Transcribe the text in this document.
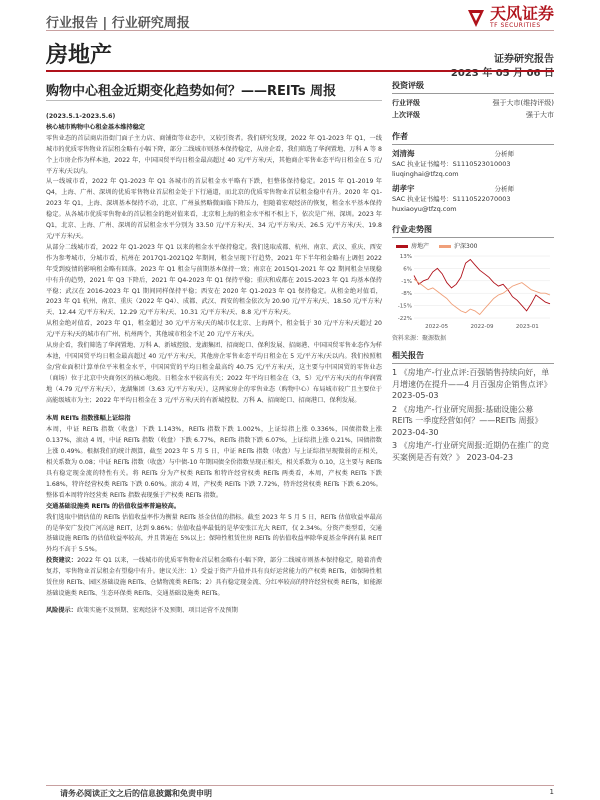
行业报告 | 行业研究周报
天风证券
TF SECURITIES
房地产	证券研究报告
2023 年 05 月 06 日
购物中心租金近期变化趋势如何？——REITs 周报

(2023.5.1-2023.5.6)

核心城市购物中心租金基本维持稳定

零售业态的首层商店沿街门面子主力店、商铺街等业态中，又较引资者。我们研究发现，2022 年 Q1-2023 年 Q1，一线城市的优质零售物业首层租金略有小幅下降，部分二线城市则基本保持稳定，从房企看，我们筛选了华润置地、万科 A 等 8 个上市房企作为样本池，2022 年，中国国贸平均日租金最高超过 40 元/平方米/天，其他商企零售业态平均日租金在 5 元/平方米/天以内。

从一线城市看，2022 年 Q1-2023 年 Q1 各城市的首层租金水平略有下跌，但整体保持稳定。2015 年 Q1-2019 年 Q4，上海、广州、深圳的优质零售物业首层租金处于下行通道，而北京的优质零售物业首层租金稳中有升。2020 年 Q1-2023 年 Q1，上海、深圳基本保持不动，北京、广州虽然略微面临下降压力，但随着宏观经济的恢复，租金水平基本保持稳定。从各城市优质零售物业的首层租金的绝对值来看，北京和上海的租金水平相不相上下，依次是广州、深圳。2023 年 Q1，北京、上海、广州、深圳的首层租金水平分别为 33.50 元/平方米/天、34 元/平方米/天、26.5 元/平方米/天、19.8 元/平方米/天。

从部分二线城市看，2022 年 Q1-2023 年 Q1 以来的租金水平保持稳定。我们选取成都、杭州、南京、武汉、重庆、西安作为参考城市，分城市看，杭州在 2017Q1-2021Q2 年期间，租金呈现下行趋势，2021 年下半年租金略有上调但 2022 年受到疫情的影响租金略有回落。2023 年 Q1 租金与前期基本保持一致；南京在 2015Q1-2021 年 Q2 期间租金呈现稳中有升的趋势，2021 年 Q3 下降后，2021 年 Q4-2023 年 Q1 保持平稳；重庆和成都在 2015-2023 年 Q1 均基本保持平稳；武汉在 2016-2023 年 Q1 期间同样保持平稳；西安在 2020 年 Q1-2023 年 Q1 保持稳定。从租金绝对值看，2023 年 Q1 杭州、南京、重庆（2022 年 Q4）、成都、武汉、西安的租金依次为 20.90 元/平方米/天、18.50 元/平方米/天、12.44 元/平方米/天、12.29 元/平方米/天、10.31 元/平方米/天、8.8 元/平方米/天。

从租金绝对值看，2023 年 Q1，租金超过 30 元/平方米/天的城市仅北京、上海两个，租金低于 30 元/平方米/天超过 20 元/平方米/天的城市有广州、杭州两个，其他城市租金不足 20 元/平方米/天。

从房企看，我们筛选了华润置地、万科 A、新城控股、龙湖集团、招商蛇口、保利发展、招商港、中国国贸零售业态作为样本池，中国国贸平均日租金最高超过 40 元/平方米/天，其他房企零售业态平均日租金在 5 元/平方米/天以内。我们按照租金/营业面积计算单位平米租金水平，中国国贸的平均日租金最高约 40.75 元/平方米/天，这主要与中国国贸的零售业态（商场）位于北京中央商务区的核心地段。日租金水平较高有关；2022 年平均日租金在（3，5）元/平方米/天的有华润置地（4.79 元/平方米/天），龙湖集团（3.63 元/平方米/天），这两家房企的零售业态（购物中心）布局城市较广且主要位于高能级城市为主；2022 年平均日租金在 3 元/平方米/天的有新城控股、万科 A、招商蛇口、招商港口、保利发展。

本周 REITs 指数涨幅上证综指

本周，中证 REITs 指数（收盘）下跌 1.143%，REITs 指数下跌 1.002%，上证综指上涨 0.336%，国债指数上涨 0.137%，滚动 4 周，中证 REITs 指数（收盘）下跌 6.77%，REITs 指数下跌 6.07%，上证综指上涨 0.21%，国债指数上涨 0.49%。根据我们的统计测算，截至 2023 年 5 月 5 日，中证 REITs 指数（收盘）与上证综指呈现微弱的正相关，相关系数为 0.08；中证 REITs 指数（收盘）与中债-10 年期国债全价指数呈现正相关，相关系数为 0.10，这主要与 REITs 具有稳定现金流的特性有关。将 REITs 分为产权类 REITs 和特许经营权类 REITs 两类看，本周，产权类 REITs 下跌 1.68%，特许经营权类 REITs 下跌 0.60%。滚动 4 周，产权类 REITs 下跌 7.72%，特许经营权类 REITs 下跌 6.20%。整体看本周特许经营类 REITs 指数表现强于产权类 REITs 指数。

交通基础设施类 REITs 的估值收益率普遍较高。

我们选取中债估值的 REITs 估值收益率作为衡量 REITs 基金估值的指标。截至 2023 年 5 月 5 日，REITs 估值收益率最高的是华安广发投广河高速 REIT，达到 9.86%；估值收益率最低的是华安张江光大 REIT，仅 2.34%。分资产类型看，交通基础设施 REITs 的估值收益率较高，并且普遍在 5%以上；保障性租赁住房 REITs 的估值收益率除华夏基金华润有巢 REIT 外均不高于 5.5%。

投资建议：2022 年 Q1 以来，一线城市的优质零售物业首层租金略有小幅下降，部分二线城市则基本保持稳定，随着消费复苏，零售物业首层租金有望稳中有升。建议关注：1）受益于资产升值并具有良好运营能力的产权类 REITs，如保障性租赁住房 REITs、园区基础设施 REITs、仓储物流类 REITs；2）具有稳定现金流、分红率较高的特许经营权类 REITs，如能源基础设施类 REITs、生态环保类 REITs、交通基础设施类 REITs。

风险提示：政策实施不及预期、宏观经济不及预期、项目运营不及预期

投资评级
行业评级	强于大市(维持评级)
上次评级	强于大市
作者
刘清海	分析师
SAC 执业证书编号：S1110523010003
liuqinghai@tfzq.com
胡孝宇	分析师
SAC 执业证书编号：S1110522070003
huxiaoyu@tfzq.com
行业走势图
房地产	沪深300
13%
6%
-1%
-8%
-15%
-22%
2022-05	2022-09	2023-01
资料来源：聚源数据
相关报告
1 《房地产-行业点评:百强销售持续向好，单月增速仍在提升——4 月百强房企销售点评》 2023-05-03
2 《房地产-行业研究周报:基础设施公募 REITs 一季度经营如何？——REITs 周报》 2023-04-30
3 《房地产-行业研究周报:近期仍在推广的竞买案例是否有效？》 2023-04-23
请务必阅读正文之后的信息披露和免责申明	1
